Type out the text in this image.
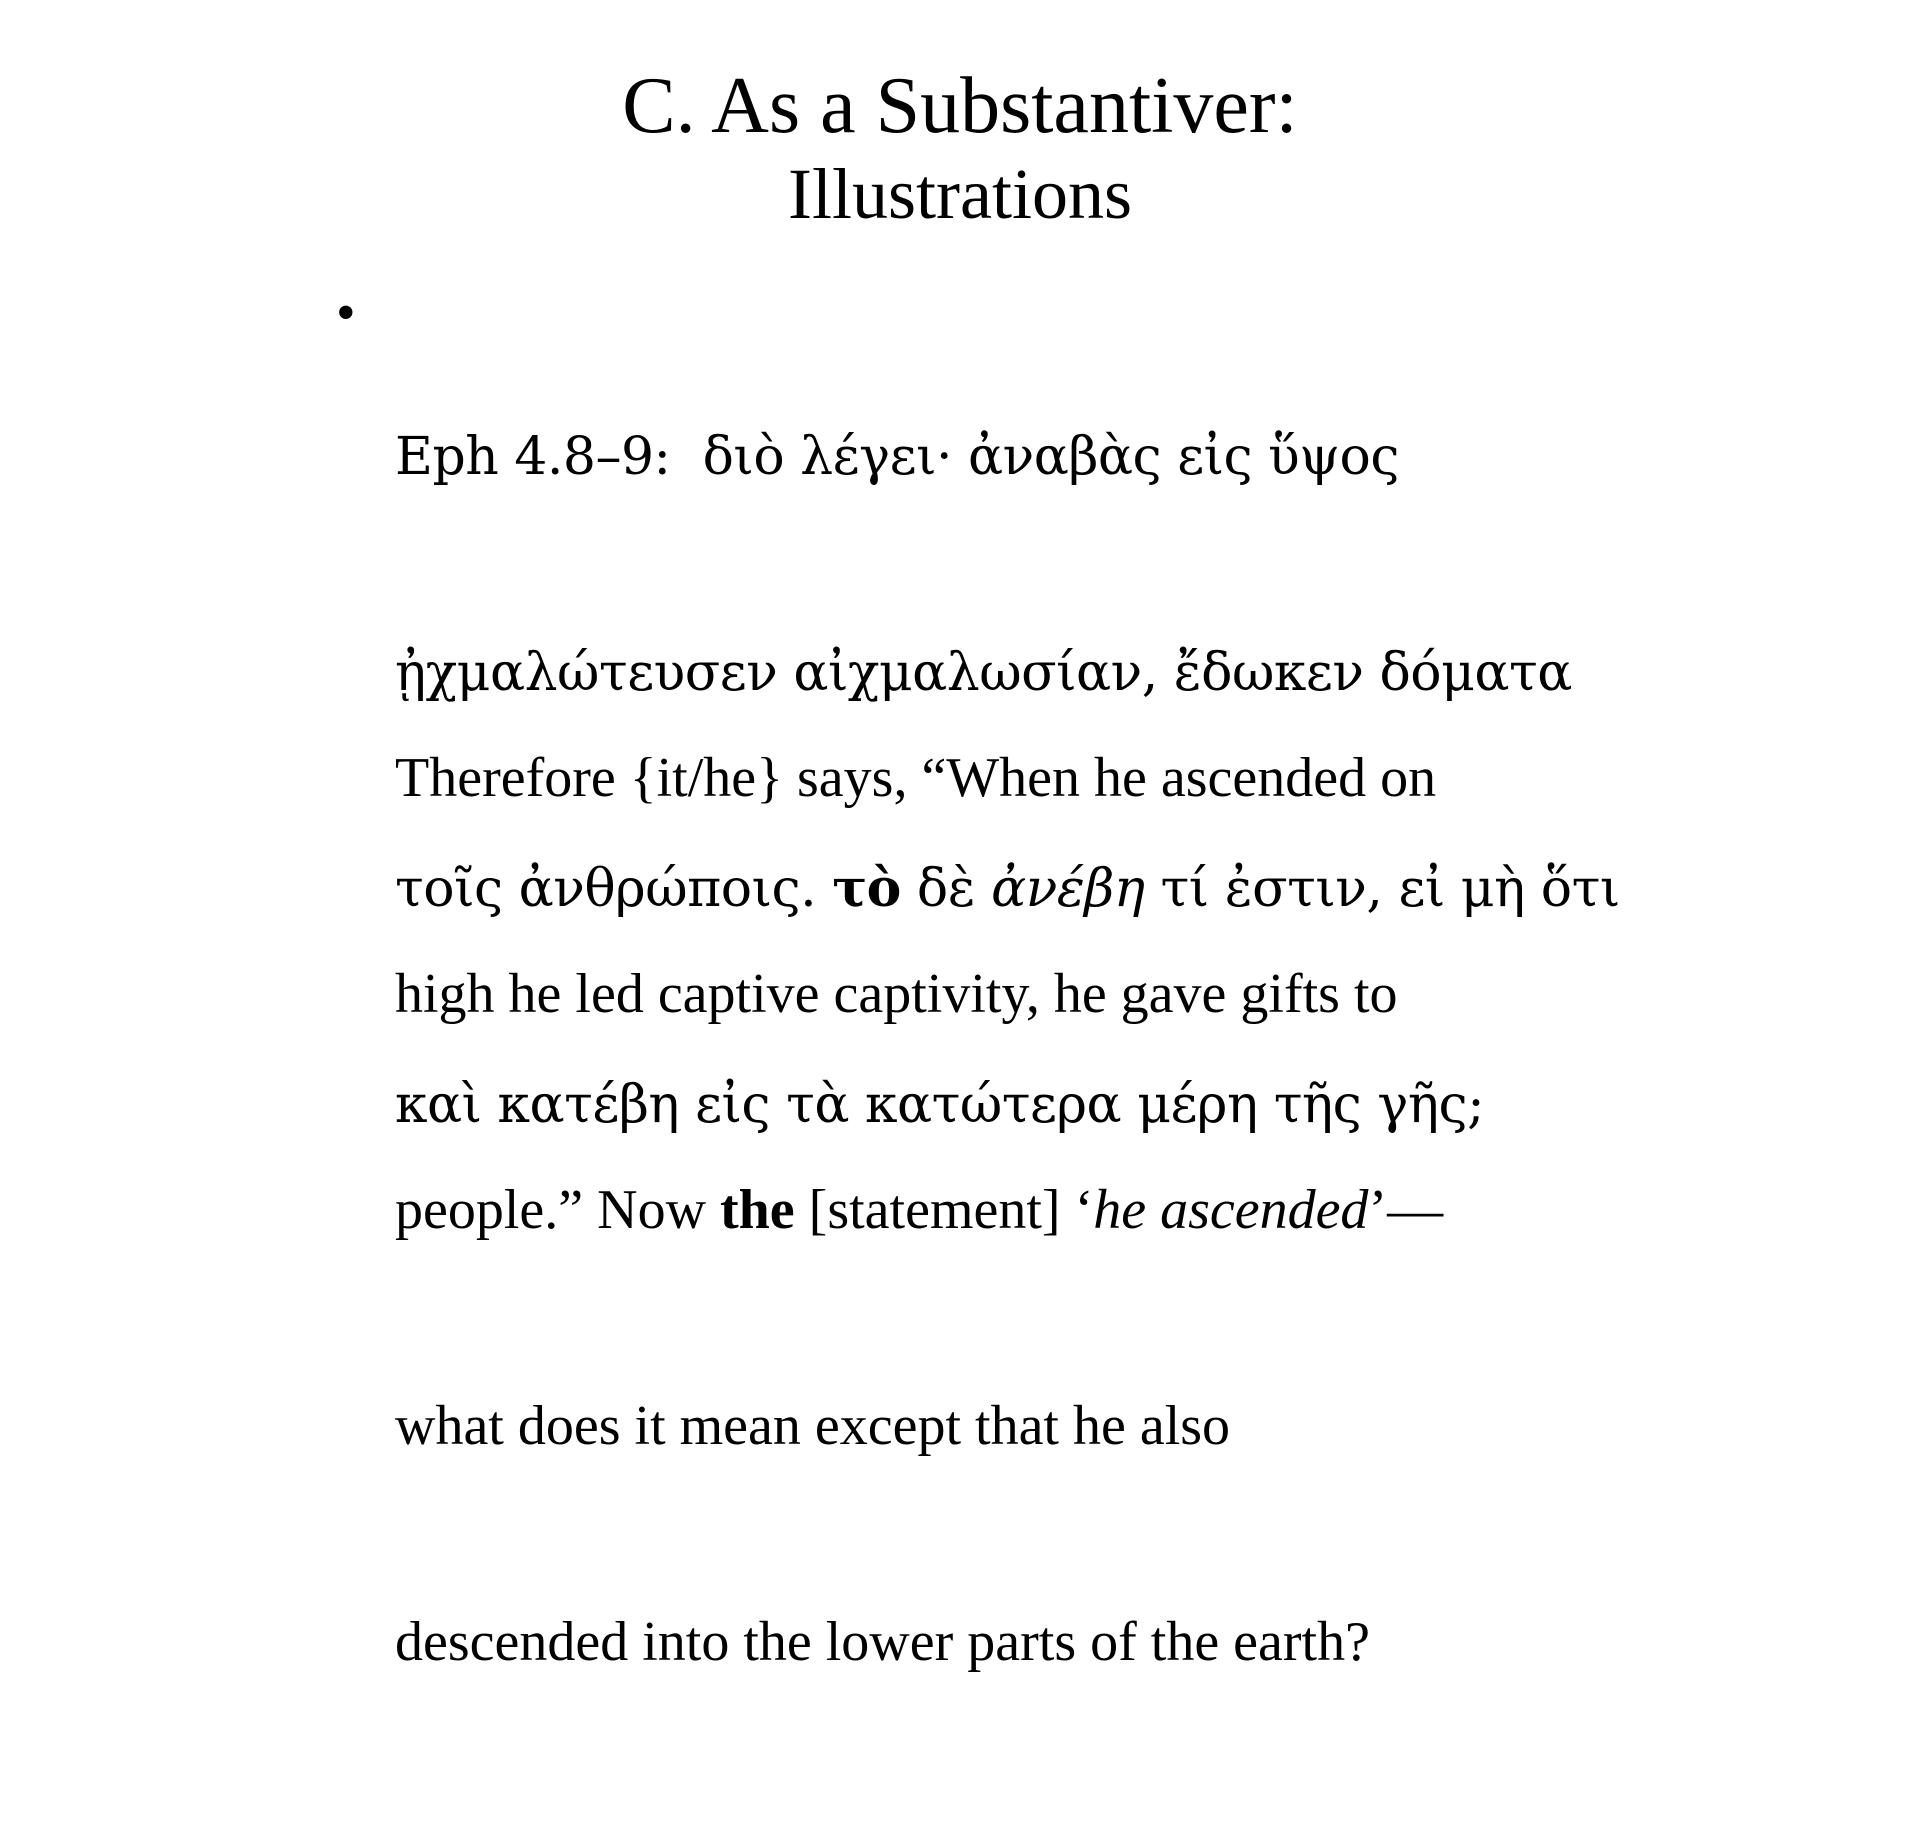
C. As a Substantiver:
Illustrations
•

Eph 4.8–9:  διὸ λέγει· ἀναβὰς εἰς ὕψος

ᾐχμαλώτευσεν αἰχμαλωσίαν, ἔδωκεν δόματα

τοῖς ἀνθρώποις. τὸ δὲ ἀνέβη τί ἐστιν, εἰ μὴ ὅτι

καὶ κατέβη εἰς τὰ κατώτερα μέρη τῆς γῆς;

Therefore {it/he} says, “When he ascended on

high he led captive captivity, he gave gifts to

people.” Now the [statement] ‘he ascended’—

what does it mean except that he also

descended into the lower parts of the earth?
